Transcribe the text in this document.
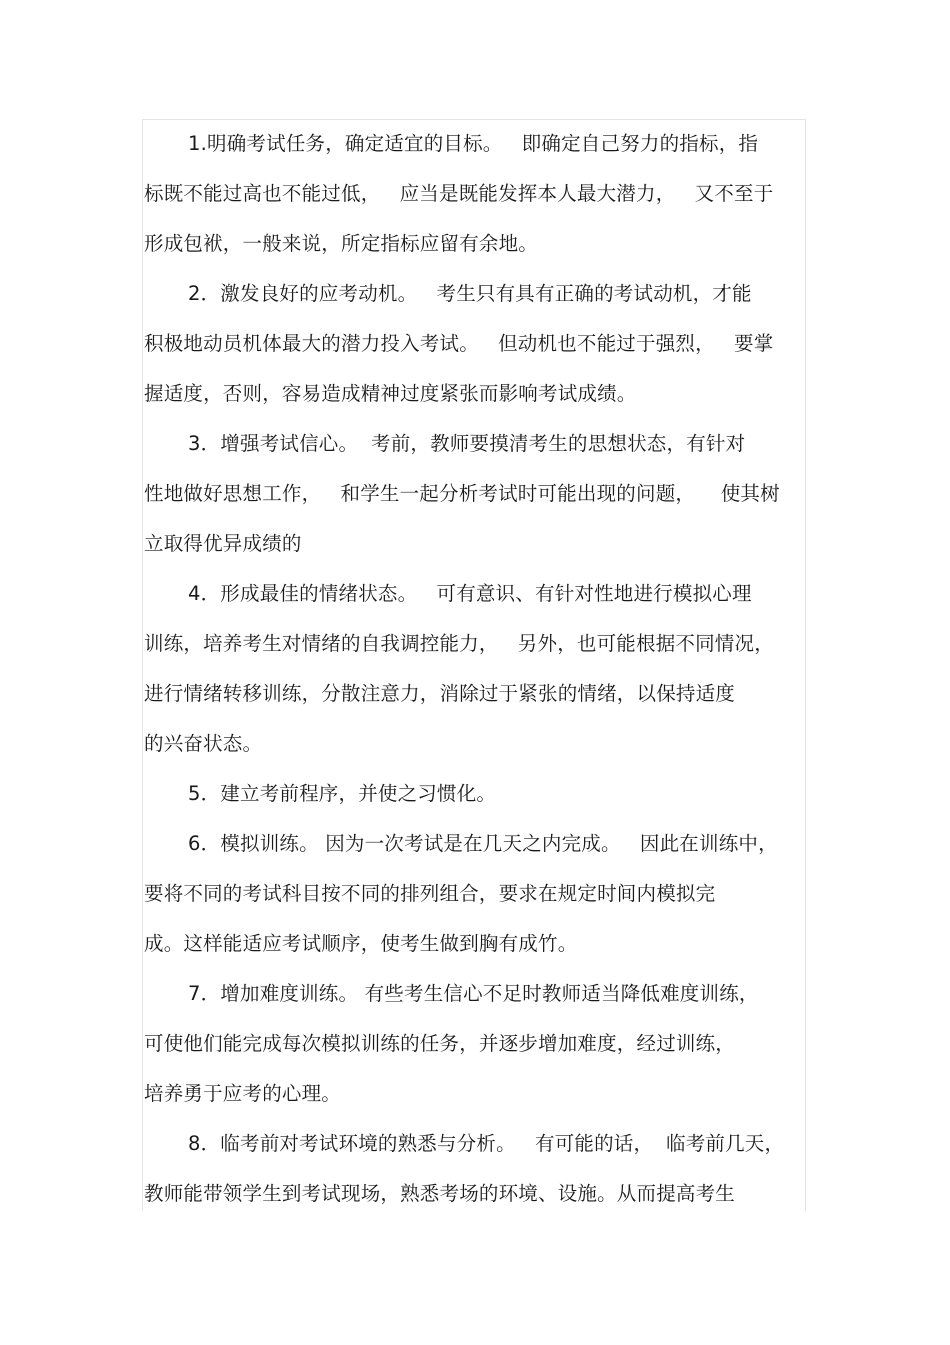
1.明确考试任务，确定适宜的目标。   即确定自己努力的指标，指
标既不能过高也不能过低，   应当是既能发挥本人最大潜力，   又不至于
形成包袱，一般来说，所定指标应留有余地。
2．激发良好的应考动机。   考生只有具有正确的考试动机，才能
积极地动员机体最大的潜力投入考试。   但动机也不能过于强烈，   要掌
握适度，否则，容易造成精神过度紧张而影响考试成绩。
3．增强考试信心。  考前，教师要摸清考生的思想状态，有针对
性地做好思想工作，   和学生一起分析考试时可能出现的问题，    使其树
立取得优异成绩的
4．形成最佳的情绪状态。   可有意识、有针对性地进行模拟心理
训练，培养考生对情绪的自我调控能力，   另外，也可能根据不同情况，
进行情绪转移训练，分散注意力，消除过于紧张的情绪，以保持适度
的兴奋状态。
5．建立考前程序，并使之习惯化。
6．模拟训练。 因为一次考试是在几天之内完成。   因此在训练中，
要将不同的考试科目按不同的排列组合，要求在规定时间内模拟完
成。这样能适应考试顺序，使考生做到胸有成竹。
7．增加难度训练。 有些考生信心不足时教师适当降低难度训练，
可使他们能完成每次模拟训练的任务，并逐步增加难度，经过训练，
培养勇于应考的心理。
8．临考前对考试环境的熟悉与分析。   有可能的话，  临考前几天，
教师能带领学生到考试现场，熟悉考场的环境、设施。从而提高考生
